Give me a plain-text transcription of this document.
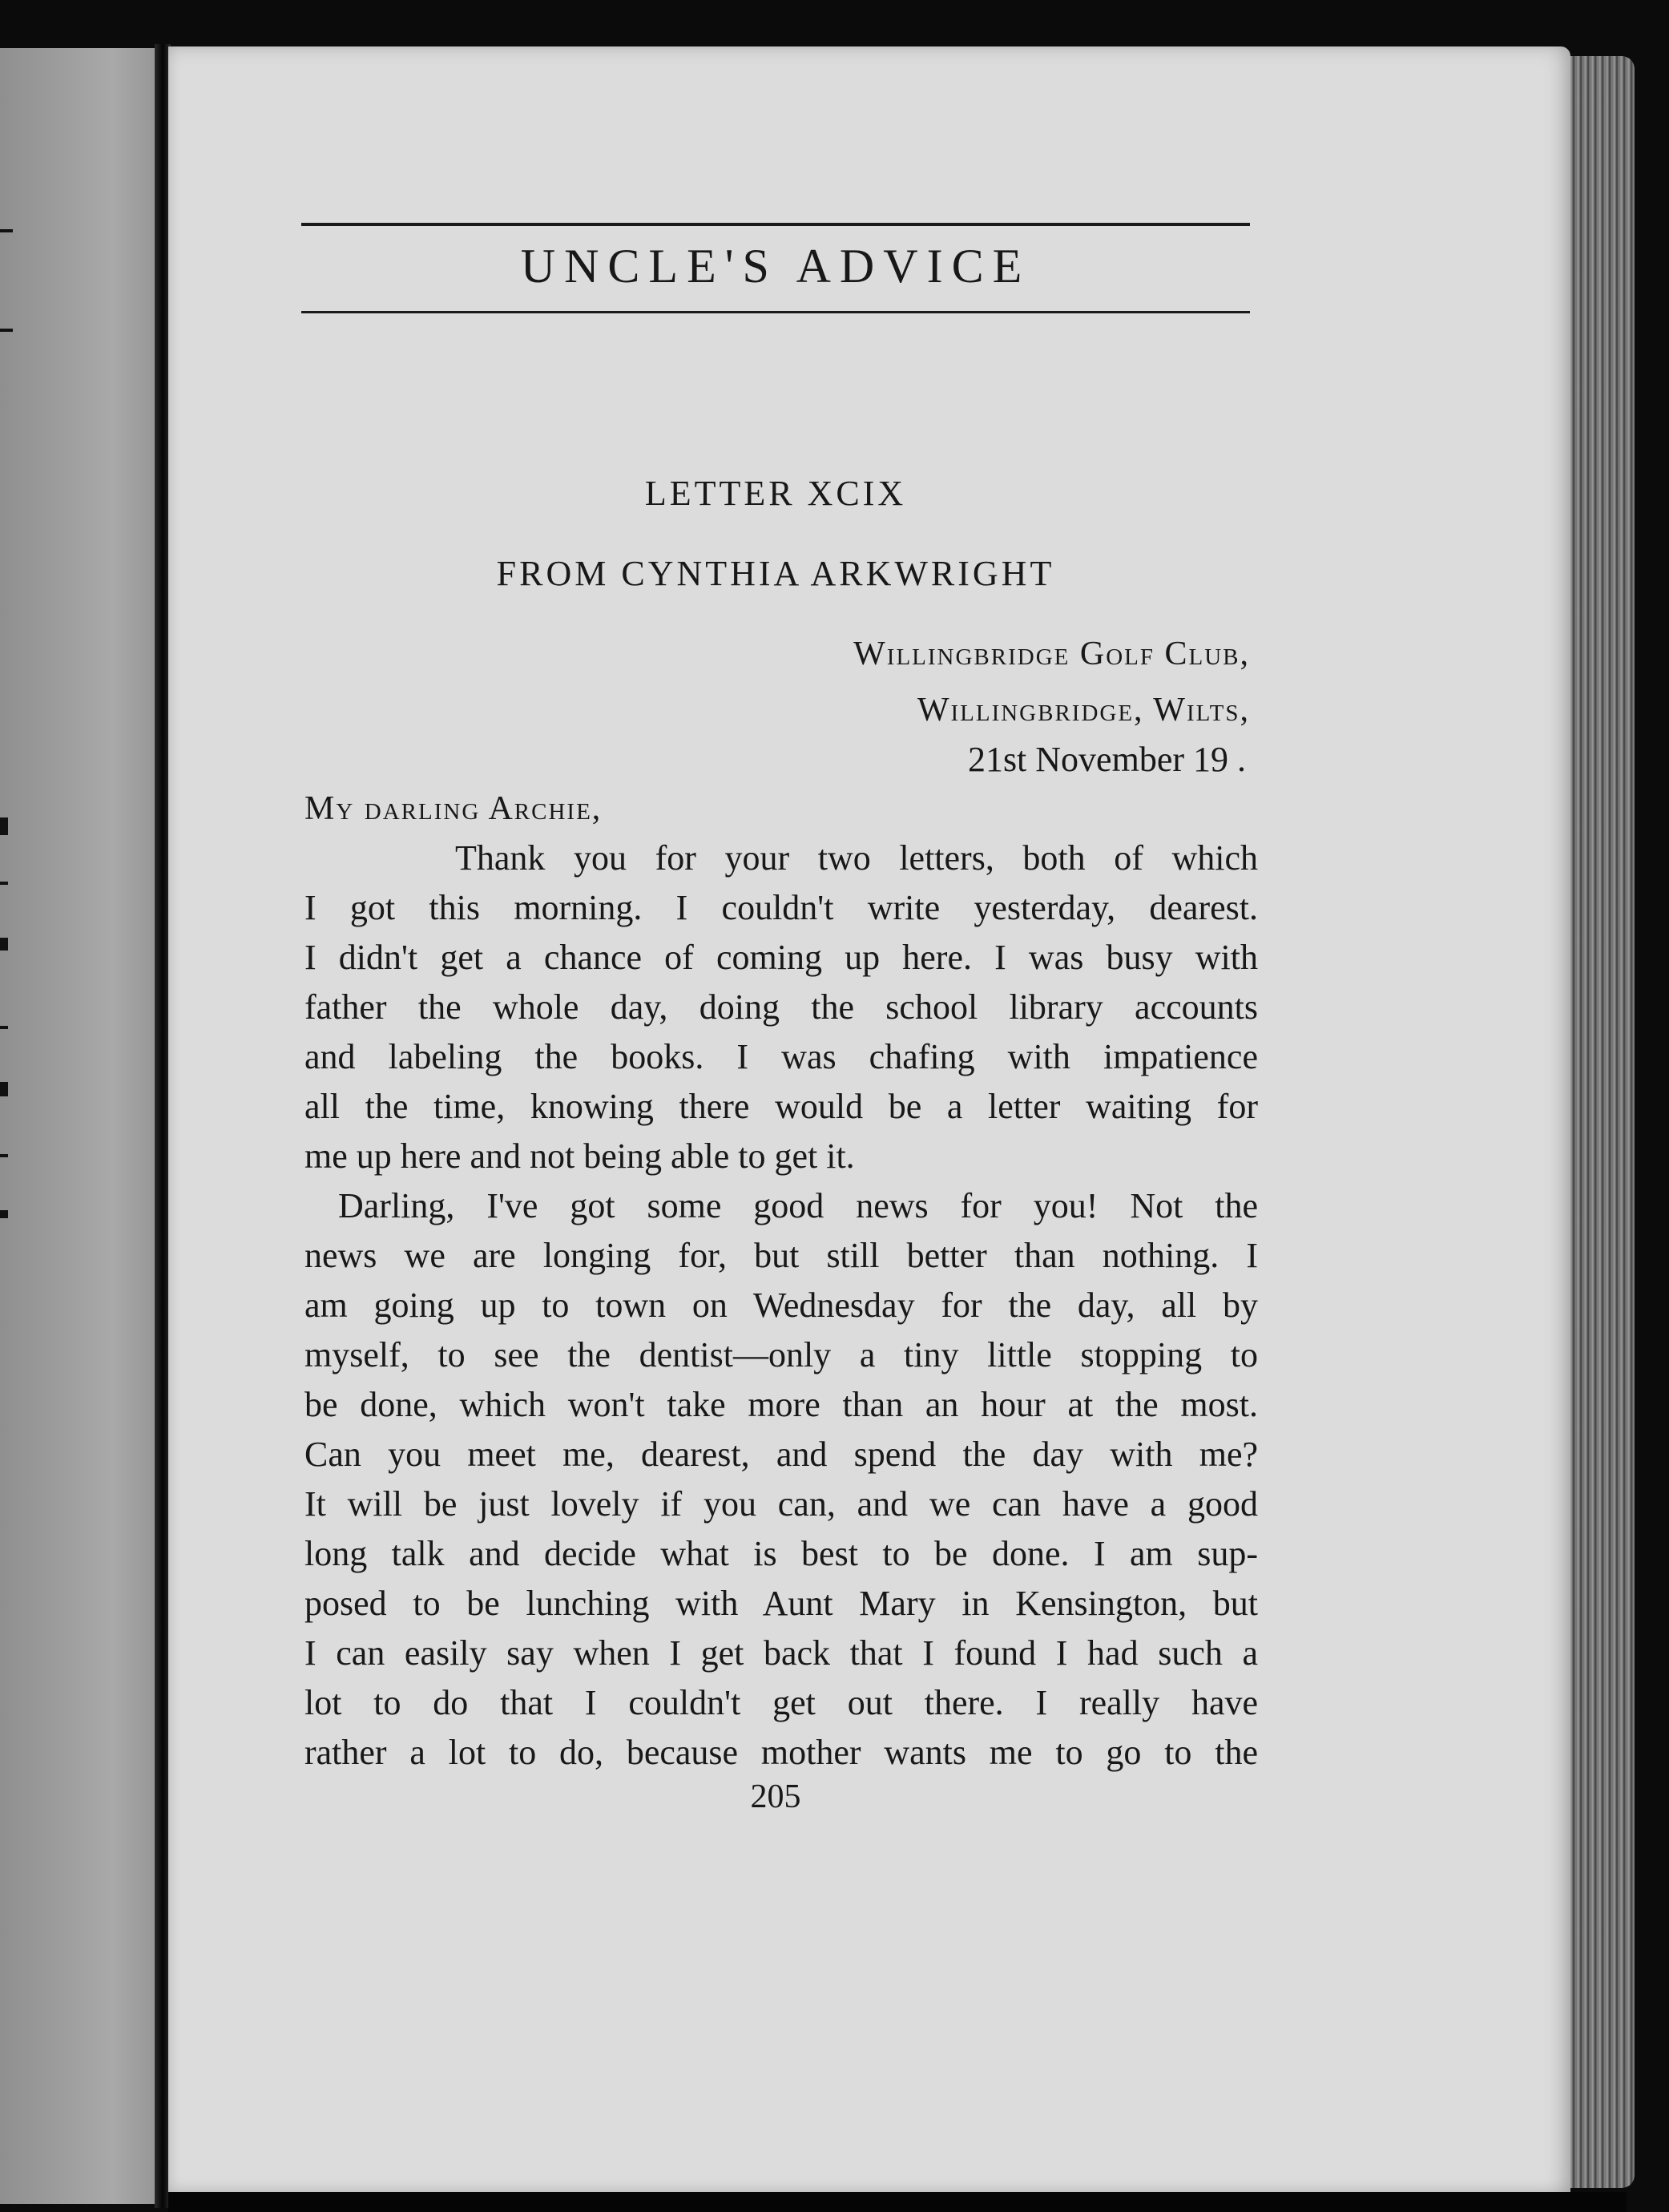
UNCLE'S ADVICE
LETTER XCIX
FROM CYNTHIA ARKWRIGHT
Willingbridge Golf Club,
Willingbridge, Wilts,
21st November 19 .
My darling Archie,
Thank you for your two letters, both of which
I got this morning. I couldn't write yesterday, dearest.
I didn't get a chance of coming up here. I was busy with
father the whole day, doing the school library accounts
and labeling the books. I was chafing with impatience
all the time, knowing there would be a letter waiting for
me up here and not being able to get it.
Darling, I've got some good news for you! Not the
news we are longing for, but still better than nothing. I
am going up to town on Wednesday for the day, all by
myself, to see the dentist—only a tiny little stopping to
be done, which won't take more than an hour at the most.
Can you meet me, dearest, and spend the day with me?
It will be just lovely if you can, and we can have a good
long talk and decide what is best to be done. I am sup-
posed to be lunching with Aunt Mary in Kensington, but
I can easily say when I get back that I found I had such a
lot to do that I couldn't get out there. I really have
rather a lot to do, because mother wants me to go to the
205
